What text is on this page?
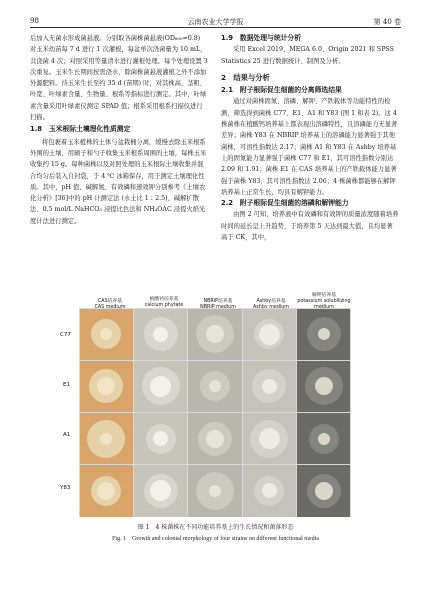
98	云南农业大学学报	第 40 卷

后加入无菌水形成菌悬液。分别取各菌株菌悬液(OD₆₀₀≈0.8) 对玉米幼苗每 7 d 进行 1 次灌根，每盆单次浇菌量为 10 mL，共浇菌 4 次；对照采用等量清水进行灌根处理。每个处理设置 3 次重复。玉米生长期间按需浇水，除菌株菌悬液灌根之外不添加外源肥料。待玉米生长至约 35 d (苗期) 时，对其株高、茎粗、叶宽、叶绿素含量、生物量、根系等指标进行测定。其中，叶绿素含量采用叶绿素仪测定 SPAD 值；根系采用根系扫描仪进行扫描。

1.8　玉米根际土壤理化性质测定

将包裹着玉米植株的土体与盆栽桶分离，缓慢去除玉米根系外围的土壤，用刷子和勺子收集玉米根系周围的土壤，每株玉米收集约 15 g。每种菌株以及对照处理的玉米根际土壤收集并混合均匀后装入自封袋，于 4 ℃ 冰箱保存，用于测定土壤理化性质。其中，pH 值、碱解氮、有效磷和速效钾分别参考《土壤农化分析》[36]中的 pH 计测定法 (水土比 1∶2.5)、碱解扩散法、0.5 mol/L NaHCO₃ 浸提比色法和 NH₄OAC 浸提火焰光度计法进行测定。

1.9　数据处理与统计分析

采用 Excel 2019、MEGA 6.0、Origin 2021 和 SPSS Statistics 25 进行数据统计、制图及分析。

2　结果与分析

2.1　附子根际促生细菌的分离筛选结果

通过对菌株固氮、溶磷、解钾、产铁载体等功能特性的检测，筛选得到菌株 C77、E1、A1 和 Y83 (图 1 和表 2)。这 4 株菌株在植酸钙培养基上都表现出溶磷特性，且溶磷能力无显著差异；菌株 Y83 在 NBRIP 培养基上的溶磷能力显著强于其他菌株，可溶性指数达 2.17；菌株 A1 和 Y83 在 Ashby 培养基上的固氮能力显著强于菌株 C77 和 E1，其可溶性指数分别达 2.09 和 1.91；菌株 E1 在 CAS 培养基上的产铁载体能力显著强于菌株 Y83，其可溶性指数达 2.06；4 株菌株都能够在解钾培养基上正常生长，均具有解钾能力。

2.2　附子根际促生细菌的溶磷和解钾能力

由图 2 可知，培养液中有效磷和有效钾的质量浓度随着培养时间的延长呈上升趋势，于培养第 5 天达到最大值，且均显著高于 CK，其中，

CAS培养基	植酸钙培养基
calcium phytate
NBRIP培养基	Ashby培养基
解钾培养基
potassium solubilizing
C77
E1
A1
Y83
图 1　4 株菌株在不同功能培养基上的生长情况和菌落形态
Fig. 1　Growth and colonial morphology of four strains on different functional media
